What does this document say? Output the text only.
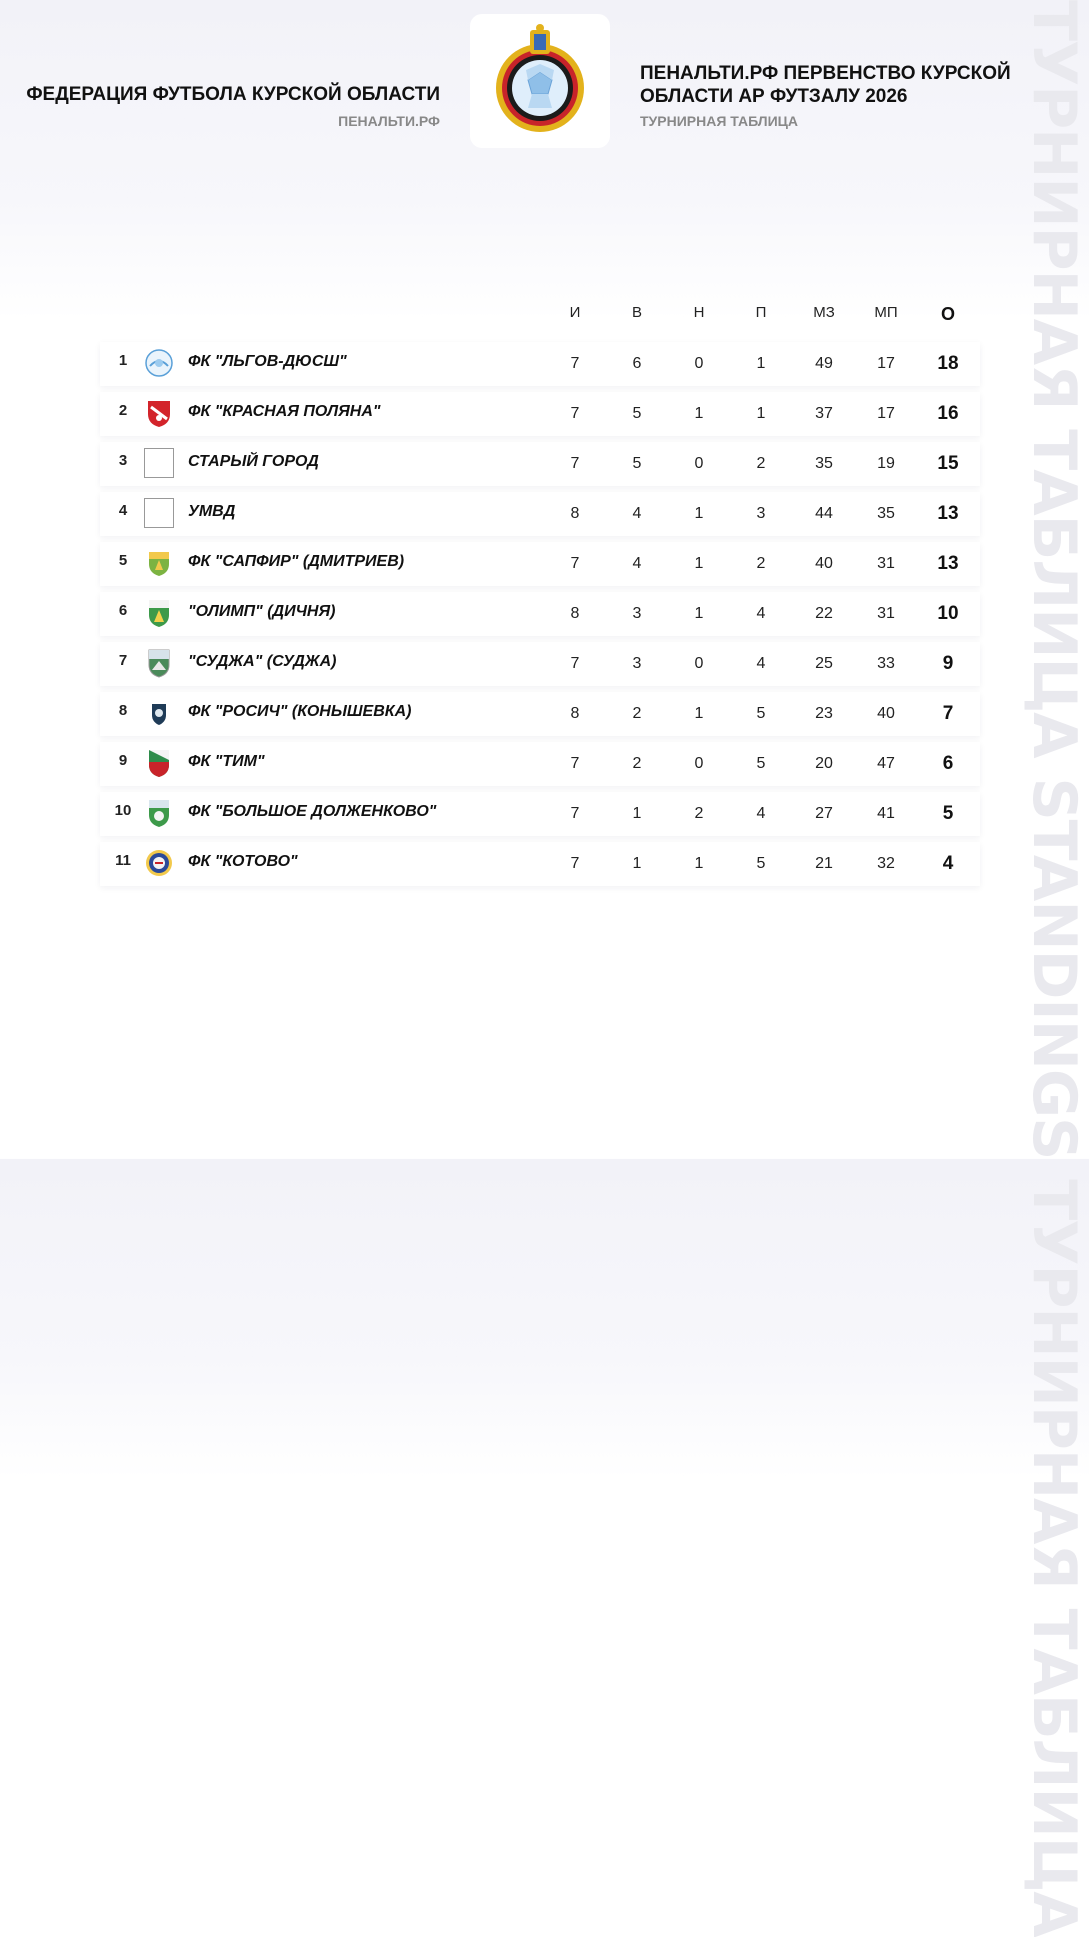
ТУРНИРНАЯ ТАБЛИЦА STANDINGS ТУРНИРНАЯ ТАБЛИЦА
ФЕДЕРАЦИЯ ФУТБОЛА КУРСКОЙ ОБЛАСТИ
ПЕНАЛЬТИ.РФ
ПЕНАЛЬТИ.РФ ПЕРВЕНСТВО КУРСКОЙ ОБЛАСТИ АР ФУТЗАЛУ 2026
ТУРНИРНАЯ ТАБЛИЦА
И	В	Н	П	МЗ	МП	О
1	ФК "ЛЬГОВ-ДЮСШ"	7	6	0	1	49	17	18
2	ФК "КРАСНАЯ ПОЛЯНА"	7	5	1	1	37	17	16
3	СТАРЫЙ ГОРОД	7	5	0	2	35	19	15
4	УМВД	8	4	1	3	44	35	13
5	ФК "САПФИР" (ДМИТРИЕВ)	7	4	1	2	40	31	13
6	"ОЛИМП" (ДИЧНЯ)	8	3	1	4	22	31	10
7	"СУДЖА" (СУДЖА)	7	3	0	4	25	33	9
8	ФК "РОСИЧ" (КОНЫШЕВКА)	8	2	1	5	23	40	7
9	ФК "ТИМ"	7	2	0	5	20	47	6
10	ФК "БОЛЬШОЕ ДОЛЖЕНКОВО"	7	1	2	4	27	41	5
11	ФК "КОТОВО"	7	1	1	5	21	32	4
